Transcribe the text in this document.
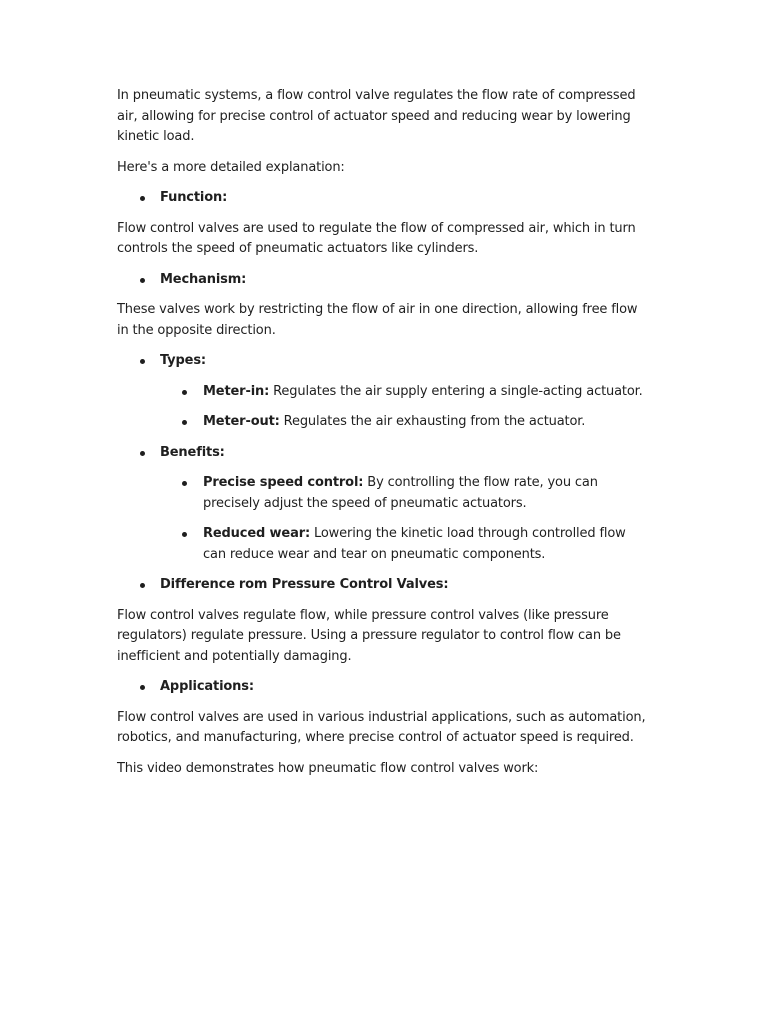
In pneumatic systems, a flow control valve regulates the flow rate of compressed air, allowing for precise control of actuator speed and reducing wear by lowering kinetic load.

Here's a more detailed explanation:

Function:

Flow control valves are used to regulate the flow of compressed air, which in turn controls the speed of pneumatic actuators like cylinders.

Mechanism:

These valves work by restricting the flow of air in one direction, allowing free flow in the opposite direction.

Types:
Meter-in: Regulates the air supply entering a single-acting actuator.
Meter-out: Regulates the air exhausting from the actuator.
Benefits:
Precise speed control: By controlling the flow rate, you can precisely adjust the speed of pneumatic actuators.
Reduced wear: Lowering the kinetic load through controlled flow can reduce wear and tear on pneumatic components.
Difference rom Pressure Control Valves:

Flow control valves regulate flow, while pressure control valves (like pressure regulators) regulate pressure. Using a pressure regulator to control flow can be inefficient and potentially damaging.

Applications:

Flow control valves are used in various industrial applications, such as automation, robotics, and manufacturing, where precise control of actuator speed is required.

This video demonstrates how pneumatic flow control valves work:
